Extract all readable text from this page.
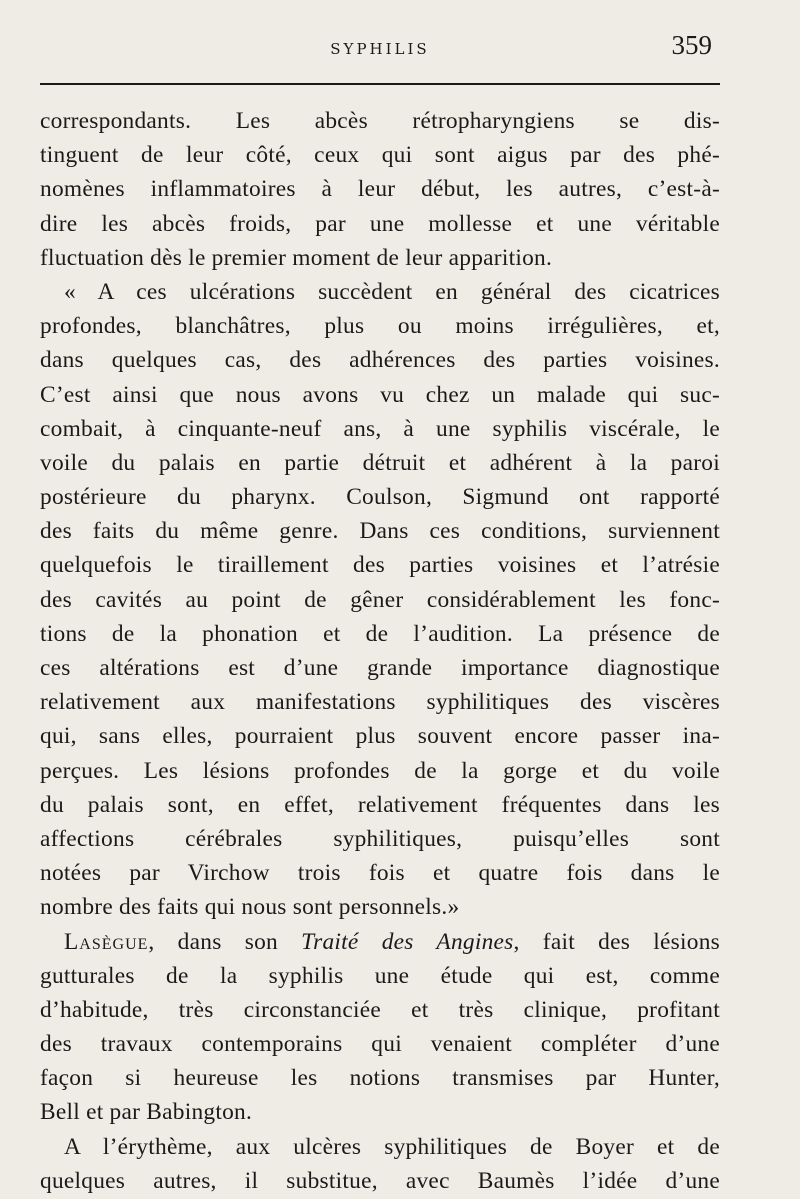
SYPHILIS	359
correspondants. Les abcès rétropharyngiens se dis-
tinguent de leur côté, ceux qui sont aigus par des phé-
nomènes inflammatoires à leur début, les autres, c’est-à-
dire les abcès froids, par une mollesse et une véritable
fluctuation dès le premier moment de leur apparition.
« A ces ulcérations succèdent en général des cicatrices
profondes, blanchâtres, plus ou moins irrégulières, et,
dans quelques cas, des adhérences des parties voisines.
C’est ainsi que nous avons vu chez un malade qui suc-
combait, à cinquante-neuf ans, à une syphilis viscérale, le
voile du palais en partie détruit et adhérent à la paroi
postérieure du pharynx. Coulson, Sigmund ont rapporté
des faits du même genre. Dans ces conditions, surviennent
quelquefois le tiraillement des parties voisines et l’atrésie
des cavités au point de gêner considérablement les fonc-
tions de la phonation et de l’audition. La présence de
ces altérations est d’une grande importance diagnostique
relativement aux manifestations syphilitiques des viscères
qui, sans elles, pourraient plus souvent encore passer ina-
perçues. Les lésions profondes de la gorge et du voile
du palais sont, en effet, relativement fréquentes dans les
affections cérébrales syphilitiques, puisqu’elles sont
notées par Virchow trois fois et quatre fois dans le
nombre des faits qui nous sont personnels.»
Lasègue, dans son Traité des Angines, fait des lésions
gutturales de la syphilis une étude qui est, comme
d’habitude, très circonstanciée et très clinique, profitant
des travaux contemporains qui venaient compléter d’une
façon si heureuse les notions transmises par Hunter,
Bell et par Babington.
A l’érythème, aux ulcères syphilitiques de Boyer et de
quelques autres, il substitue, avec Baumès l’idée d’une
